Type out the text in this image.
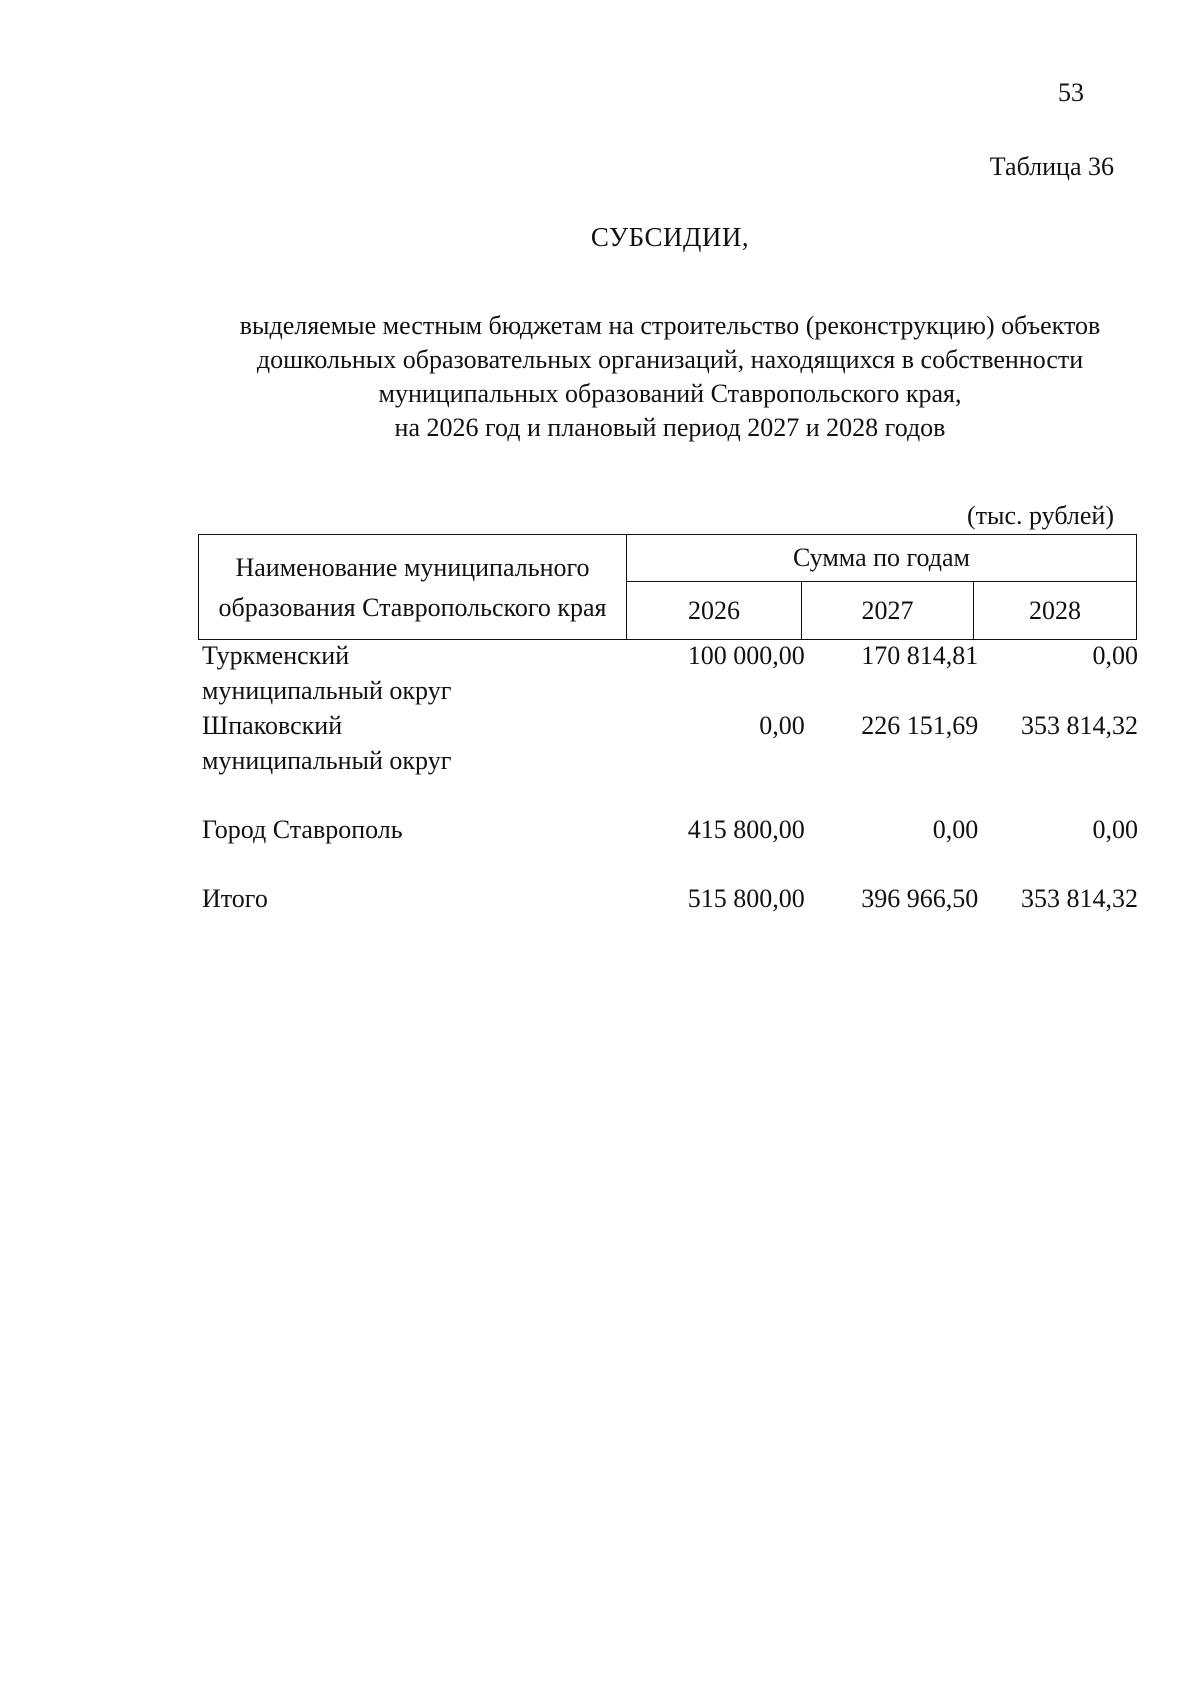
53
Таблица 36
СУБСИДИИ,
выделяемые местным бюджетам на строительство (реконструкцию) объектов
дошкольных образовательных организаций, находящихся в собственности
муниципальных образований Ставропольского края,
на 2026 год и плановый период 2027 и 2028 годов
(тыс. рублей)
Наименование муниципального
образования Ставропольского края	Сумма по годам		
	2026	2027	2028
Туркменский
муниципальный округ	100 000,00	170 814,81	0,00

Шпаковский
муниципальный округ	0,00	226 151,69	353 814,32

Город Ставрополь	415 800,00	0,00	0,00

Итого	515 800,00	396 966,50	353 814,32
